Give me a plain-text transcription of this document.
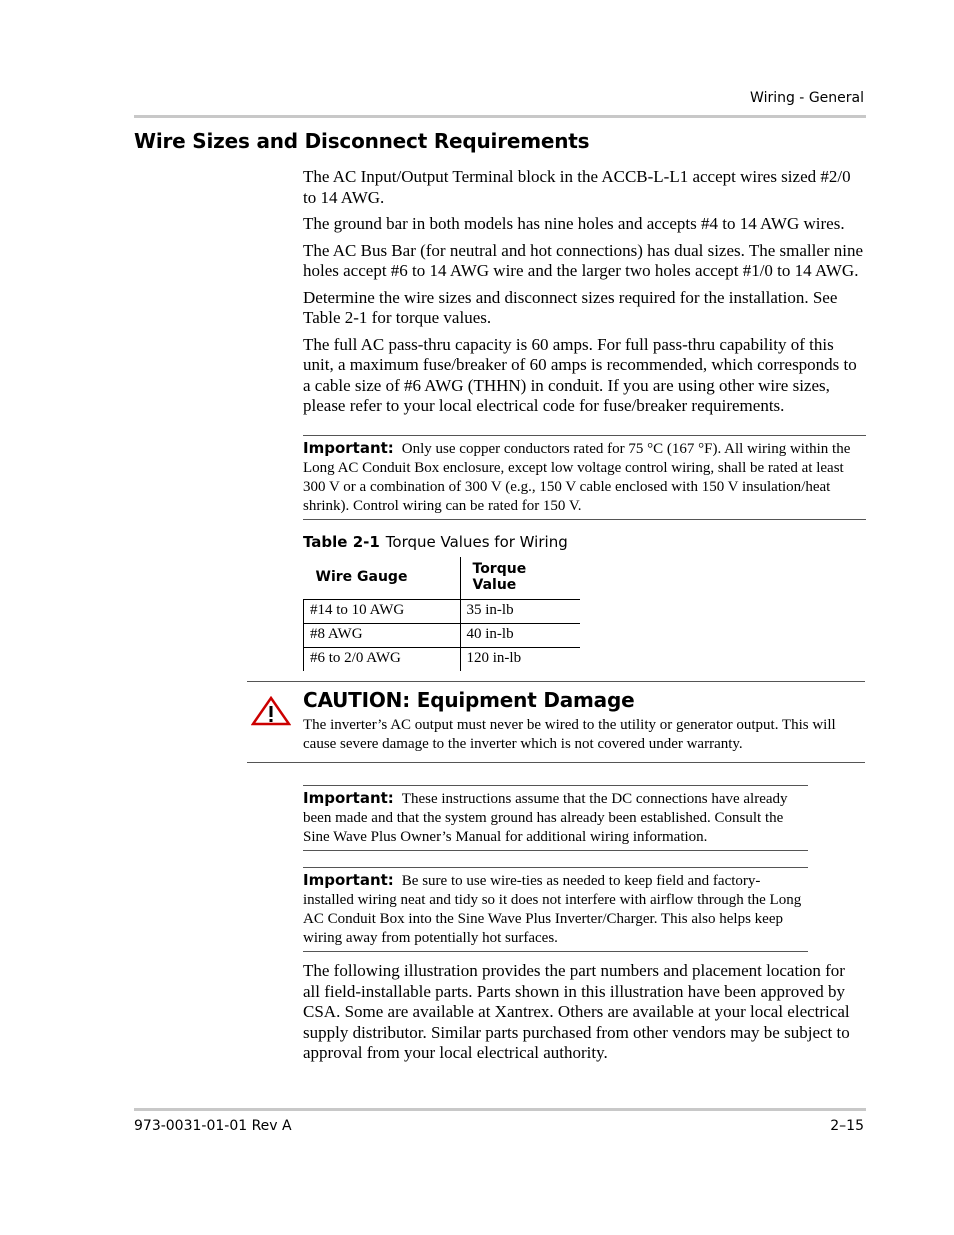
Wiring - General
Wire Sizes and Disconnect Requirements

The AC Input/Output Terminal block in the ACCB-L-L1 accept wires sized #2/0 to 14 AWG.

The ground bar in both models has nine holes and accepts #4 to 14 AWG wires.

The AC Bus Bar (for neutral and hot connections) has dual sizes. The smaller nine holes accept #6 to 14 AWG wire and the larger two holes accept #1/0 to 14 AWG.

Determine the wire sizes and disconnect sizes required for the installation. See Table 2-1 for torque values.

The full AC pass-thru capacity is 60 amps. For full pass-thru capability of this unit, a maximum fuse/breaker of 60 amps is recommended, which corresponds to a cable size of #6 AWG (THHN) in conduit. If you are using other wire sizes, please refer to your local electrical code for fuse/breaker requirements.

Important: Only use copper conductors rated for 75 °C (167 °F). All wiring within the Long AC Conduit Box enclosure, except low voltage control wiring, shall be rated at least 300 V or a combination of 300 V (e.g., 150 V cable enclosed with 150 V insulation/heat shrink). Control wiring can be rated for 150 V.
Table 2-1 Torque Values for Wiring
Wire Gauge	Torque Value
#14 to 10 AWG	35 in-lb
#8 AWG	40 in-lb
#6 to 2/0 AWG	120 in-lb
CAUTION: Equipment Damage
The inverter’s AC output must never be wired to the utility or generator output. This will cause severe damage to the inverter which is not covered under warranty.
Important: These instructions assume that the DC connections have already been made and that the system ground has already been established. Consult the Sine Wave Plus Owner’s Manual for additional wiring information.
Important: Be sure to use wire-ties as needed to keep field and factory-installed wiring neat and tidy so it does not interfere with airflow through the Long AC Conduit Box into the Sine Wave Plus Inverter/Charger. This also helps keep wiring away from potentially hot surfaces.

The following illustration provides the part numbers and placement location for all field-installable parts. Parts shown in this illustration have been approved by CSA. Some are available at Xantrex. Others are available at your local electrical supply distributor. Similar parts purchased from other vendors may be subject to approval from your local electrical authority.

973-0031-01-01 Rev A	2–15
